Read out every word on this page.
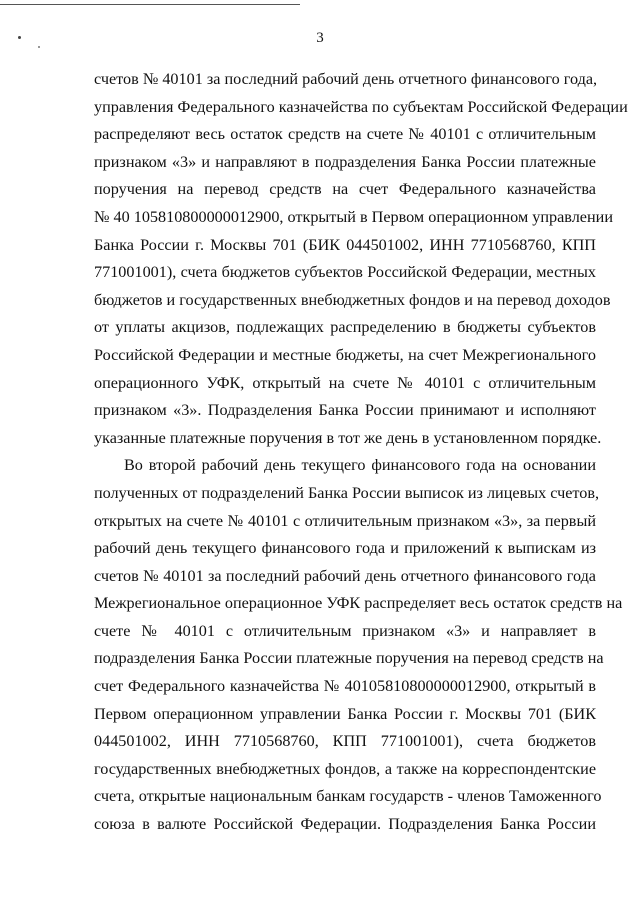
3
счетов № 40101 за последний рабочий день отчетного финансового года,
управления Федерального казначейства по субъектам Российской Федерации
распределяют весь остаток средств на счете № 40101 с отличительным
признаком «3» и направляют в подразделения Банка России платежные
поручения на перевод средств на счет Федерального казначейства
№ 40 105810800000012900, открытый в Первом операционном управлении
Банка России г. Москвы 701 (БИК 044501002, ИНН 7710568760, КПП
771001001), счета бюджетов субъектов Российской Федерации, местных
бюджетов и государственных внебюджетных фондов и на перевод доходов
от уплаты акцизов, подлежащих распределению в бюджеты субъектов
Российской Федерации и местные бюджеты, на счет Межрегионального
операционного УФК, открытый на счете № 40101 с отличительным
признаком «3». Подразделения Банка России принимают и исполняют
указанные платежные поручения в тот же день в установленном порядке.
Во второй рабочий день текущего финансового года на основании
полученных от подразделений Банка России выписок из лицевых счетов,
открытых на счете № 40101 с отличительным признаком «3», за первый
рабочий день текущего финансового года и приложений к выпискам из
счетов № 40101 за последний рабочий день отчетного финансового года
Межрегиональное операционное УФК распределяет весь остаток средств на
счете № 40101 с отличительным признаком «3» и направляет в
подразделения Банка России платежные поручения на перевод средств на
счет Федерального казначейства № 40105810800000012900, открытый в
Первом операционном управлении Банка России г. Москвы 701 (БИК
044501002, ИНН 7710568760, КПП 771001001), счета бюджетов
государственных внебюджетных фондов, а также на корреспондентские
счета, открытые национальным банкам государств - членов Таможенного
союза в валюте Российской Федерации. Подразделения Банка России
